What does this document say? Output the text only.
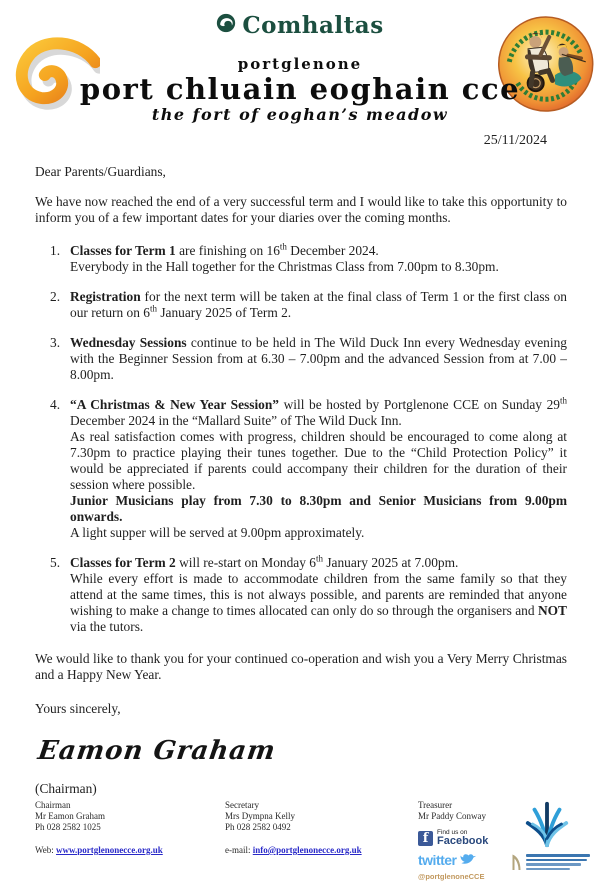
Comhaltas
portglenone
port chluain eoghain cce
the fort of eoghan’s meadow
25/11/2024
Dear Parents/Guardians,
We have now reached the end of a very successful term and I would like to take this opportunity to inform you of a few important dates for your diaries over the coming months.
Classes for Term 1 are finishing on 16th December 2024.
Everybody in the Hall together for the Christmas Class from 7.00pm to 8.30pm.
Registration for the next term will be taken at the final class of Term 1 or the first class on our return on 6th January 2025 of Term 2.
Wednesday Sessions continue to be held in The Wild Duck Inn every Wednesday evening with the Beginner Session from at 6.30 – 7.00pm and the advanced Session from at 7.00 – 8.00pm.
“A Christmas & New Year Session” will be hosted by Portglenone CCE on Sunday 29th December 2024 in the “Mallard Suite” of The Wild Duck Inn.
As real satisfaction comes with progress, children should be encouraged to come along at 7.30pm to practice playing their tunes together. Due to the “Child Protection Policy” it would be appreciated if parents could accompany their children for the duration of their session where possible.
Junior Musicians play from 7.30 to 8.30pm and Senior Musicians from 9.00pm onwards.
A light supper will be served at 9.00pm approximately.
Classes for Term 2 will re-start on Monday 6th January 2025 at 7.00pm.
While every effort is made to accommodate children from the same family so that they attend at the same times, this is not always possible, and parents are reminded that anyone wishing to make a change to times allocated can only do so through the organisers and NOT via the tutors.
We would like to thank you for your continued co-operation and wish you a Very Merry Christmas and a Happy New Year.
Yours sincerely,
Eamon Graham
(Chairman)
Chairman
Mr Eamon Graham
Ph 028 2582 1025
Web: www.portglenonecce.org.uk
Secretary
Mrs Dympna Kelly
Ph 028 2582 0492
e-mail: info@portglenonecce.org.uk
Treasurer
Mr Paddy Conway
f	Find us on
Facebook
twitter
@portglenoneCCE
